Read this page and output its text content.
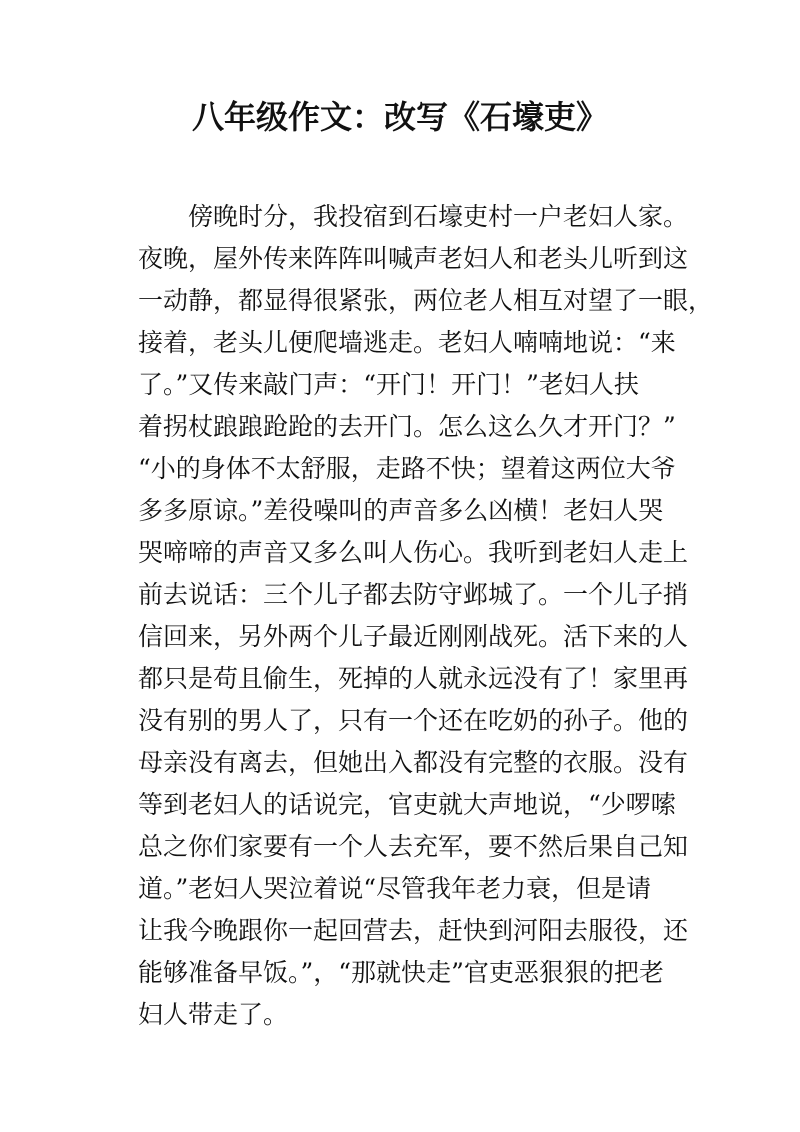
八年级作文：改写《石壕吏》
傍晚时分，我投宿到石壕吏村一户老妇人家。
夜晚，屋外传来阵阵叫喊声老妇人和老头儿听到这
一动静，都显得很紧张，两位老人相互对望了一眼，
接着，老头儿便爬墙逃走。老妇人喃喃地说：“来
了。”又传来敲门声：“开门！开门！”老妇人扶
着拐杖踉踉跄跄的去开门。怎么这么久才开门？”
“小的身体不太舒服，走路不快；望着这两位大爷
多多原谅。”差役噪叫的声音多么凶横！老妇人哭
哭啼啼的声音又多么叫人伤心。我听到老妇人走上
前去说话：三个儿子都去防守邺城了。一个儿子捎
信回来，另外两个儿子最近刚刚战死。活下来的人
都只是苟且偷生，死掉的人就永远没有了！家里再
没有别的男人了，只有一个还在吃奶的孙子。他的
母亲没有离去，但她出入都没有完整的衣服。没有
等到老妇人的话说完，官吏就大声地说，“少啰嗦
总之你们家要有一个人去充军，要不然后果自己知
道。”老妇人哭泣着说“尽管我年老力衰，但是请
让我今晚跟你一起回营去，赶快到河阳去服役，还
能够准备早饭。”，“那就快走”官吏恶狠狠的把老
妇人带走了。
